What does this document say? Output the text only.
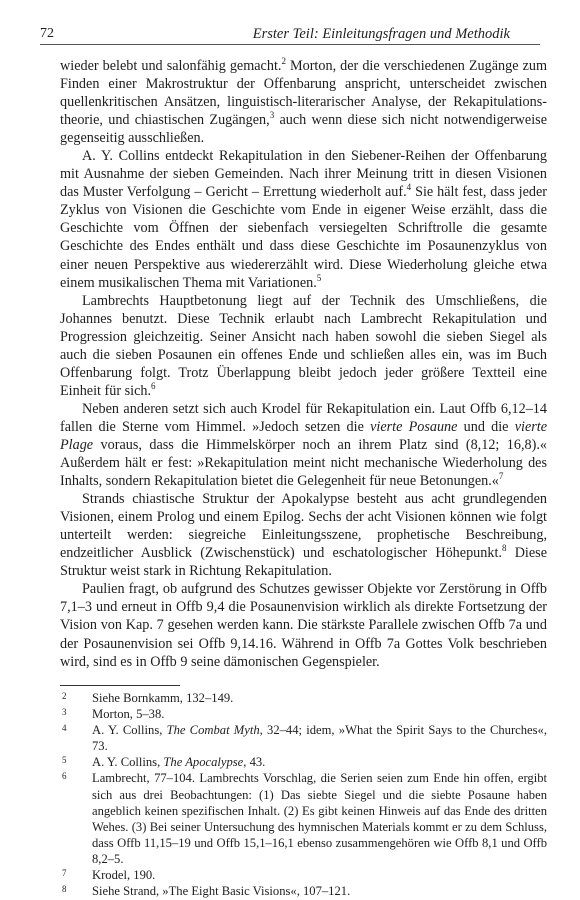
72	Erster Teil: Einleitungsfragen und Methodik

wieder belebt und salonfähig gemacht.$^2$ Morton, der die verschiedenen Zugänge zum Finden einer Makrostruktur der Offenbarung anspricht, unterscheidet zwischen quellenkritischen Ansätzen, linguistisch-literarischer Analyse, der Rekapitulationstheorie, und chiastischen Zugängen,$^3$ auch wenn diese sich nicht notwendigerweise gegenseitig ausschließen.

A. Y. Collins entdeckt Rekapitulation in den Siebener-Reihen der Offenbarung mit Ausnahme der sieben Gemeinden. Nach ihrer Meinung tritt in diesen Visionen das Muster Verfolgung – Gericht – Errettung wiederholt auf.$^4$ Sie hält fest, dass jeder Zyklus von Visionen die Geschichte vom Ende in eigener Weise erzählt, dass die Geschichte vom Öffnen der siebenfach versiegelten Schriftrolle die gesamte Geschichte des Endes enthält und dass diese Geschichte im Posaunenzyklus von einer neuen Perspektive aus wiedererzählt wird. Diese Wiederholung gleiche etwa einem musikalischen Thema mit Variationen.$^5$

Lambrechts Hauptbetonung liegt auf der Technik des Umschließens, die Johannes benutzt. Diese Technik erlaubt nach Lambrecht Rekapitulation und Progression gleichzeitig. Seiner Ansicht nach haben sowohl die sieben Siegel als auch die sieben Posaunen ein offenes Ende und schließen alles ein, was im Buch Offenbarung folgt. Trotz Überlappung bleibt jedoch jeder größere Textteil eine Einheit für sich.$^6$

Neben anderen setzt sich auch Krodel für Rekapitulation ein. Laut Offb 6,12–14 fallen die Sterne vom Himmel. »Jedoch setzen die vierte Posaune und die vierte Plage voraus, dass die Himmelskörper noch an ihrem Platz sind (8,12; 16,8).« Außerdem hält er fest: »Rekapitulation meint nicht mechanische Wiederholung des Inhalts, sondern Rekapitulation bietet die Gelegenheit für neue Betonungen.«$^7$

Strands chiastische Struktur der Apokalypse besteht aus acht grundlegenden Visionen, einem Prolog und einem Epilog. Sechs der acht Visionen können wie folgt unterteilt werden: siegreiche Einleitungsszene, prophetische Beschreibung, endzeitlicher Ausblick (Zwischenstück) und eschatologischer Höhepunkt.$^8$ Diese Struktur weist stark in Richtung Rekapitulation.

Paulien fragt, ob aufgrund des Schutzes gewisser Objekte vor Zerstörung in Offb 7,1–3 und erneut in Offb 9,4 die Posaunenvision wirklich als direkte Fortsetzung der Vision von Kap. 7 gesehen werden kann. Die stärkste Parallele zwischen Offb 7a und der Posaunenvision sei Offb 9,14.16. Während in Offb 7a Gottes Volk beschrieben wird, sind es in Offb 9 seine dämonischen Gegenspieler.

2	Siehe Bornkamm, 132–149.
3	Morton, 5–38.
4	A. Y. Collins, The Combat Myth, 32–44; idem, »What the Spirit Says to the Churches«, 73.
5	A. Y. Collins, The Apocalypse, 43.
6	Lambrecht, 77–104. Lambrechts Vorschlag, die Serien seien zum Ende hin offen, ergibt sich aus drei Beobachtungen: (1) Das siebte Siegel und die siebte Posaune haben angeblich keinen spezifischen Inhalt. (2) Es gibt keinen Hinweis auf das Ende des dritten Wehes. (3) Bei seiner Untersuchung des hymnischen Materials kommt er zu dem Schluss, dass Offb 11,15–19 und Offb 15,1–16,1 ebenso zusammengehören wie Offb 8,1 und Offb 8,2–5.
7	Krodel, 190.
8	Siehe Strand, »The Eight Basic Visions«, 107–121.
